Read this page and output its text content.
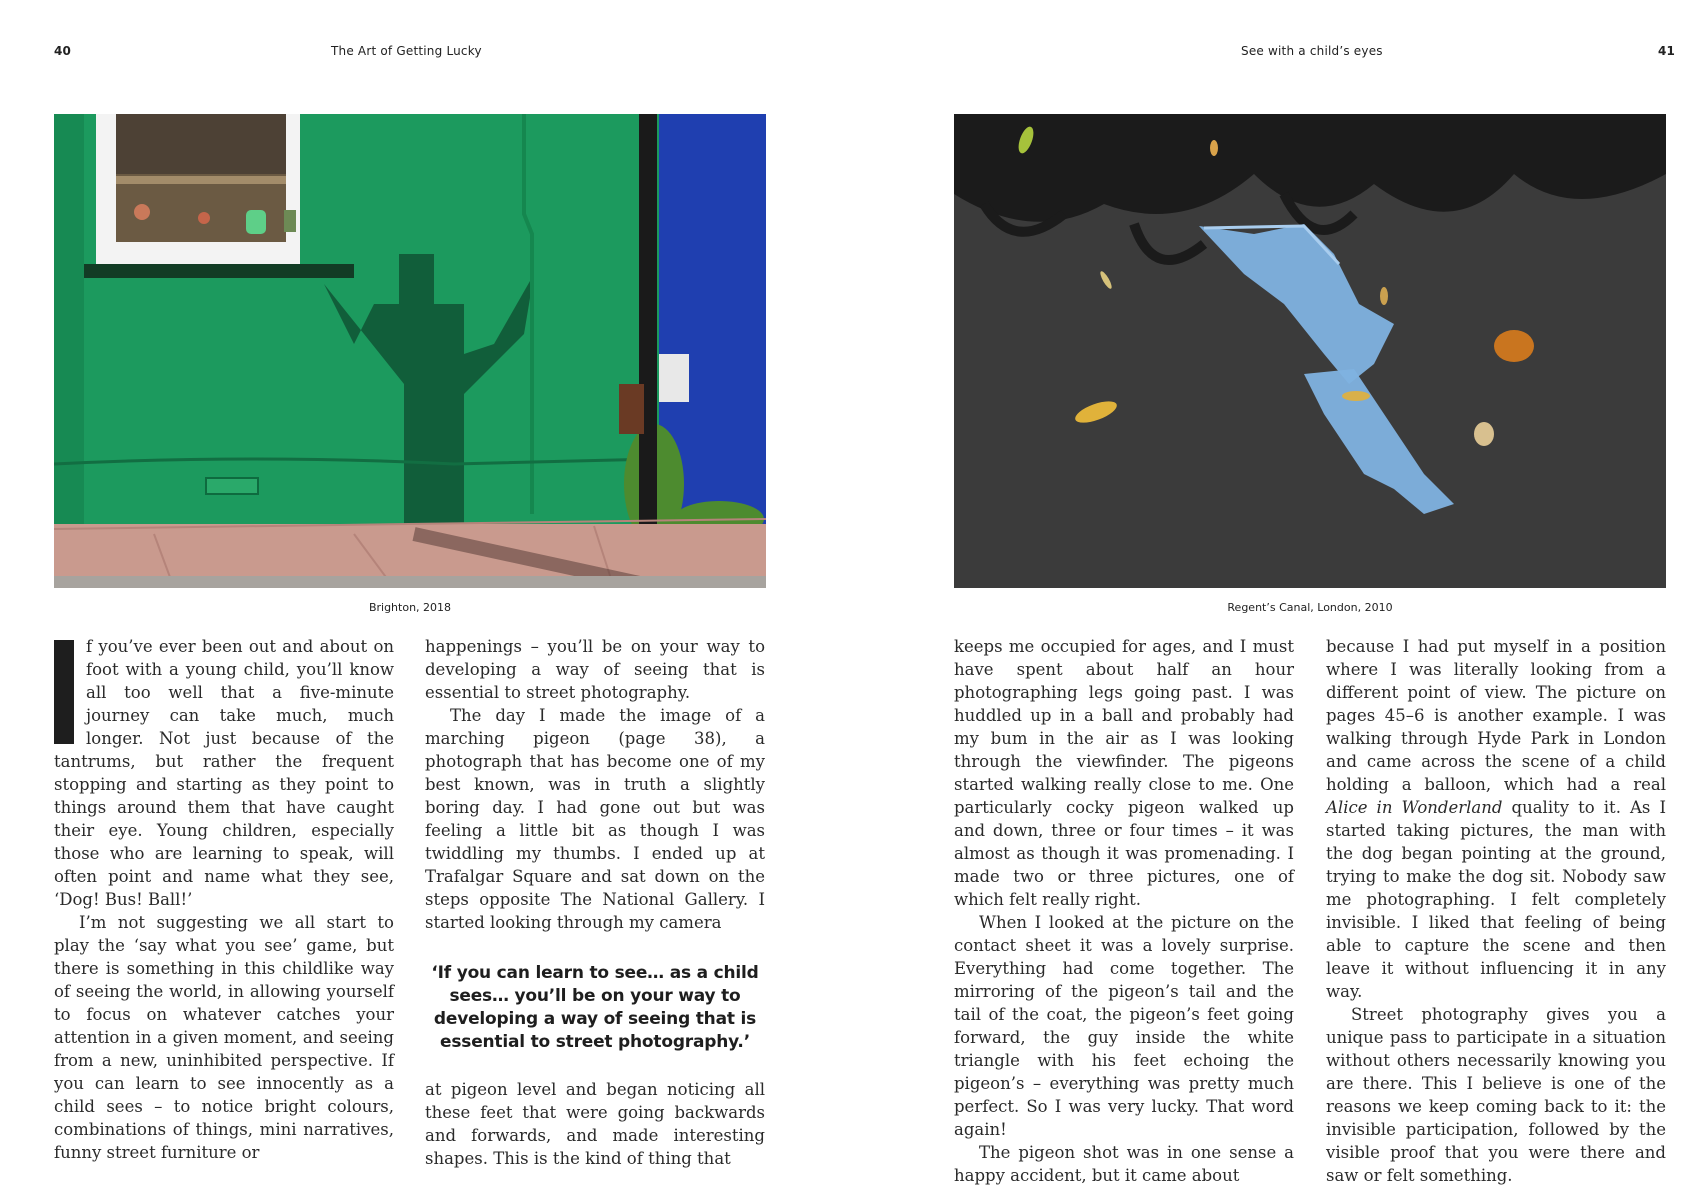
40	The Art of Getting Lucky
Brighton, 2018

f you’ve ever been out and about on foot with a young child, you’ll know all too well that a five-minute journey can take much, much longer. Not just because of the tantrums, but rather the frequent stopping and starting as they point to things around them that have caught their eye. Young children, especially those who are learning to speak, will often point and name what they see, ‘Dog! Bus! Ball!’

I’m not suggesting we all start to play the ‘say what you see’ game, but there is something in this childlike way of seeing the world, in allowing yourself to focus on whatever catches your attention in a given moment, and seeing from a new, uninhibited perspective. If you can learn to see innocently as a child sees – to notice bright colours, combinations of things, mini narratives, funny street furniture or

happenings – you’ll be on your way to developing a way of seeing that is essential to street photography.

The day I made the image of a marching pigeon (page 38), a photograph that has become one of my best known, was in truth a slightly boring day. I had gone out but was feeling a little bit as though I was twiddling my thumbs. I ended up at Trafalgar Square and sat down on the steps opposite The National Gallery. I started looking through my camera

‘If you can learn to see… as a child sees… you’ll be on your way to developing a way of seeing that is essential to street photography.’

at pigeon level and began noticing all these feet that were going backwards and forwards, and made interesting shapes. This is the kind of thing that

See with a child’s eyes	41
Regent’s Canal, London, 2010

keeps me occupied for ages, and I must have spent about half an hour photographing legs going past. I was huddled up in a ball and probably had my bum in the air as I was looking through the viewfinder. The pigeons started walking really close to me. One particularly cocky pigeon walked up and down, three or four times – it was almost as though it was promenading. I made two or three pictures, one of which felt really right.

When I looked at the picture on the contact sheet it was a lovely surprise. Everything had come together. The mirroring of the pigeon’s tail and the tail of the coat, the pigeon’s feet going forward, the guy inside the white triangle with his feet echoing the pigeon’s – everything was pretty much perfect. So I was very lucky. That word again!

The pigeon shot was in one sense a happy accident, but it came about

because I had put myself in a position where I was literally looking from a different point of view. The picture on pages 45–6 is another example. I was walking through Hyde Park in London and came across the scene of a child holding a balloon, which had a real Alice in Wonderland quality to it. As I started taking pictures, the man with the dog began pointing at the ground, trying to make the dog sit. Nobody saw me photographing. I felt completely invisible. I liked that feeling of being able to capture the scene and then leave it without influencing it in any way.

Street photography gives you a unique pass to participate in a situation without others necessarily knowing you are there. This I believe is one of the reasons we keep coming back to it: the invisible participation, followed by the visible proof that you were there and saw or felt something.
